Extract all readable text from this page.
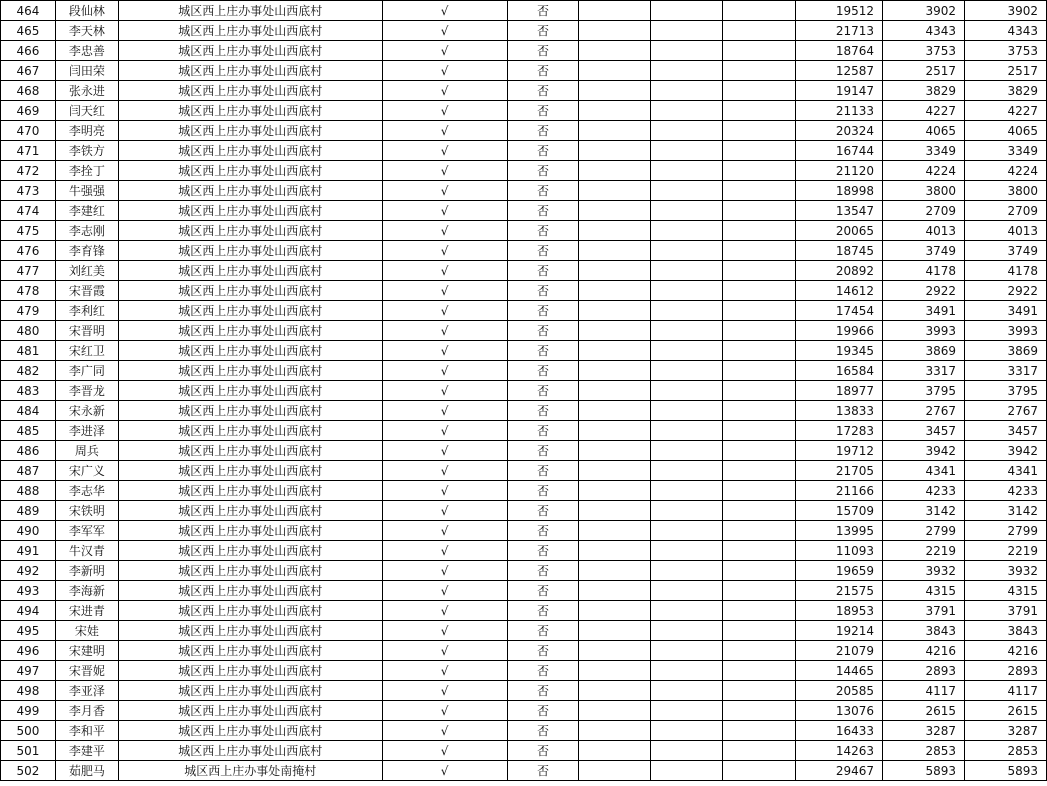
464	段仙林	城区西上庄办事处山西底村	√	否				19512	3902	3902
465	李天林	城区西上庄办事处山西底村	√	否				21713	4343	4343
466	李忠善	城区西上庄办事处山西底村	√	否				18764	3753	3753
467	闫田荣	城区西上庄办事处山西底村	√	否				12587	2517	2517
468	张永进	城区西上庄办事处山西底村	√	否				19147	3829	3829
469	闫天红	城区西上庄办事处山西底村	√	否				21133	4227	4227
470	李明亮	城区西上庄办事处山西底村	√	否				20324	4065	4065
471	李铁方	城区西上庄办事处山西底村	√	否				16744	3349	3349
472	李拴丁	城区西上庄办事处山西底村	√	否				21120	4224	4224
473	牛强强	城区西上庄办事处山西底村	√	否				18998	3800	3800
474	李建红	城区西上庄办事处山西底村	√	否				13547	2709	2709
475	李志刚	城区西上庄办事处山西底村	√	否				20065	4013	4013
476	李育锋	城区西上庄办事处山西底村	√	否				18745	3749	3749
477	刘红美	城区西上庄办事处山西底村	√	否				20892	4178	4178
478	宋晋霞	城区西上庄办事处山西底村	√	否				14612	2922	2922
479	李利红	城区西上庄办事处山西底村	√	否				17454	3491	3491
480	宋晋明	城区西上庄办事处山西底村	√	否				19966	3993	3993
481	宋红卫	城区西上庄办事处山西底村	√	否				19345	3869	3869
482	李广同	城区西上庄办事处山西底村	√	否				16584	3317	3317
483	李晋龙	城区西上庄办事处山西底村	√	否				18977	3795	3795
484	宋永新	城区西上庄办事处山西底村	√	否				13833	2767	2767
485	李进泽	城区西上庄办事处山西底村	√	否				17283	3457	3457
486	周兵	城区西上庄办事处山西底村	√	否				19712	3942	3942
487	宋广义	城区西上庄办事处山西底村	√	否				21705	4341	4341
488	李志华	城区西上庄办事处山西底村	√	否				21166	4233	4233
489	宋铁明	城区西上庄办事处山西底村	√	否				15709	3142	3142
490	李军军	城区西上庄办事处山西底村	√	否				13995	2799	2799
491	牛汉青	城区西上庄办事处山西底村	√	否				11093	2219	2219
492	李新明	城区西上庄办事处山西底村	√	否				19659	3932	3932
493	李海新	城区西上庄办事处山西底村	√	否				21575	4315	4315
494	宋进青	城区西上庄办事处山西底村	√	否				18953	3791	3791
495	宋娃	城区西上庄办事处山西底村	√	否				19214	3843	3843
496	宋建明	城区西上庄办事处山西底村	√	否				21079	4216	4216
497	宋晋妮	城区西上庄办事处山西底村	√	否				14465	2893	2893
498	李亚泽	城区西上庄办事处山西底村	√	否				20585	4117	4117
499	李月香	城区西上庄办事处山西底村	√	否				13076	2615	2615
500	李和平	城区西上庄办事处山西底村	√	否				16433	3287	3287
501	李建平	城区西上庄办事处山西底村	√	否				14263	2853	2853
502	茹肥马	城区西上庄办事处南掩村	√	否				29467	5893	5893
